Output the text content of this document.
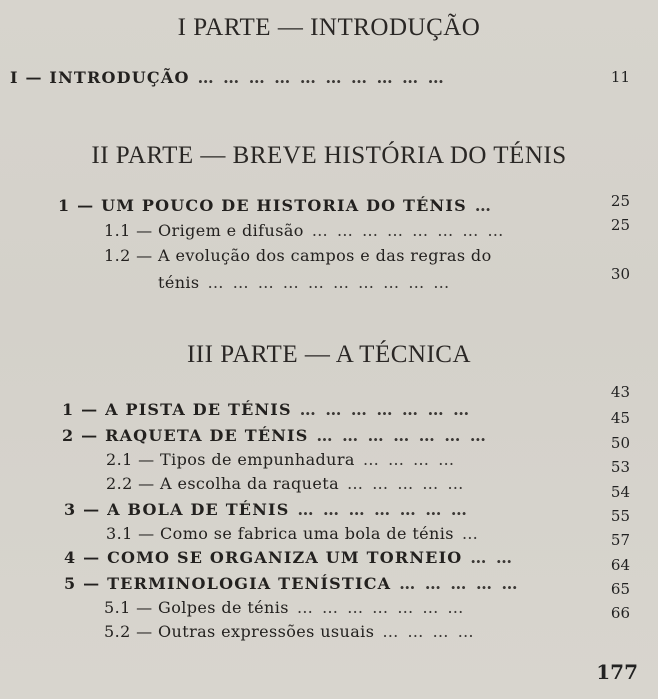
I PARTE — INTRODUÇÃO
I — INTRODUÇÃO … … … … … … … … … …	11
II PARTE — BREVE HISTÓRIA DO TÉNIS
1 — UM POUCO DE HISTORIA DO TÉNIS …	25
1.1 — Origem e difusão … … … … … … … …	25
1.2 — A evolução dos campos e das regras do
ténis … … … … … … … … … …	30
III PARTE — A TÉCNICA
43
1 — A PISTA DE TÉNIS … … … … … … …	45
2 — RAQUETA DE TÉNIS … … … … … … …	50
2.1 — Tipos de empunhadura … … … …	53
2.2 — A escolha da raqueta … … … … …	54
3 — A BOLA DE TÉNIS … … … … … … …	55
3.1 — Como se fabrica uma bola de ténis …	57
4 — COMO SE ORGANIZA UM TORNEIO … …	64
5 — TERMINOLOGIA TENÍSTICA … … … … …	65
5.1 — Golpes de ténis … … … … … … …	66
5.2 — Outras expressões usuais … … … …
177
